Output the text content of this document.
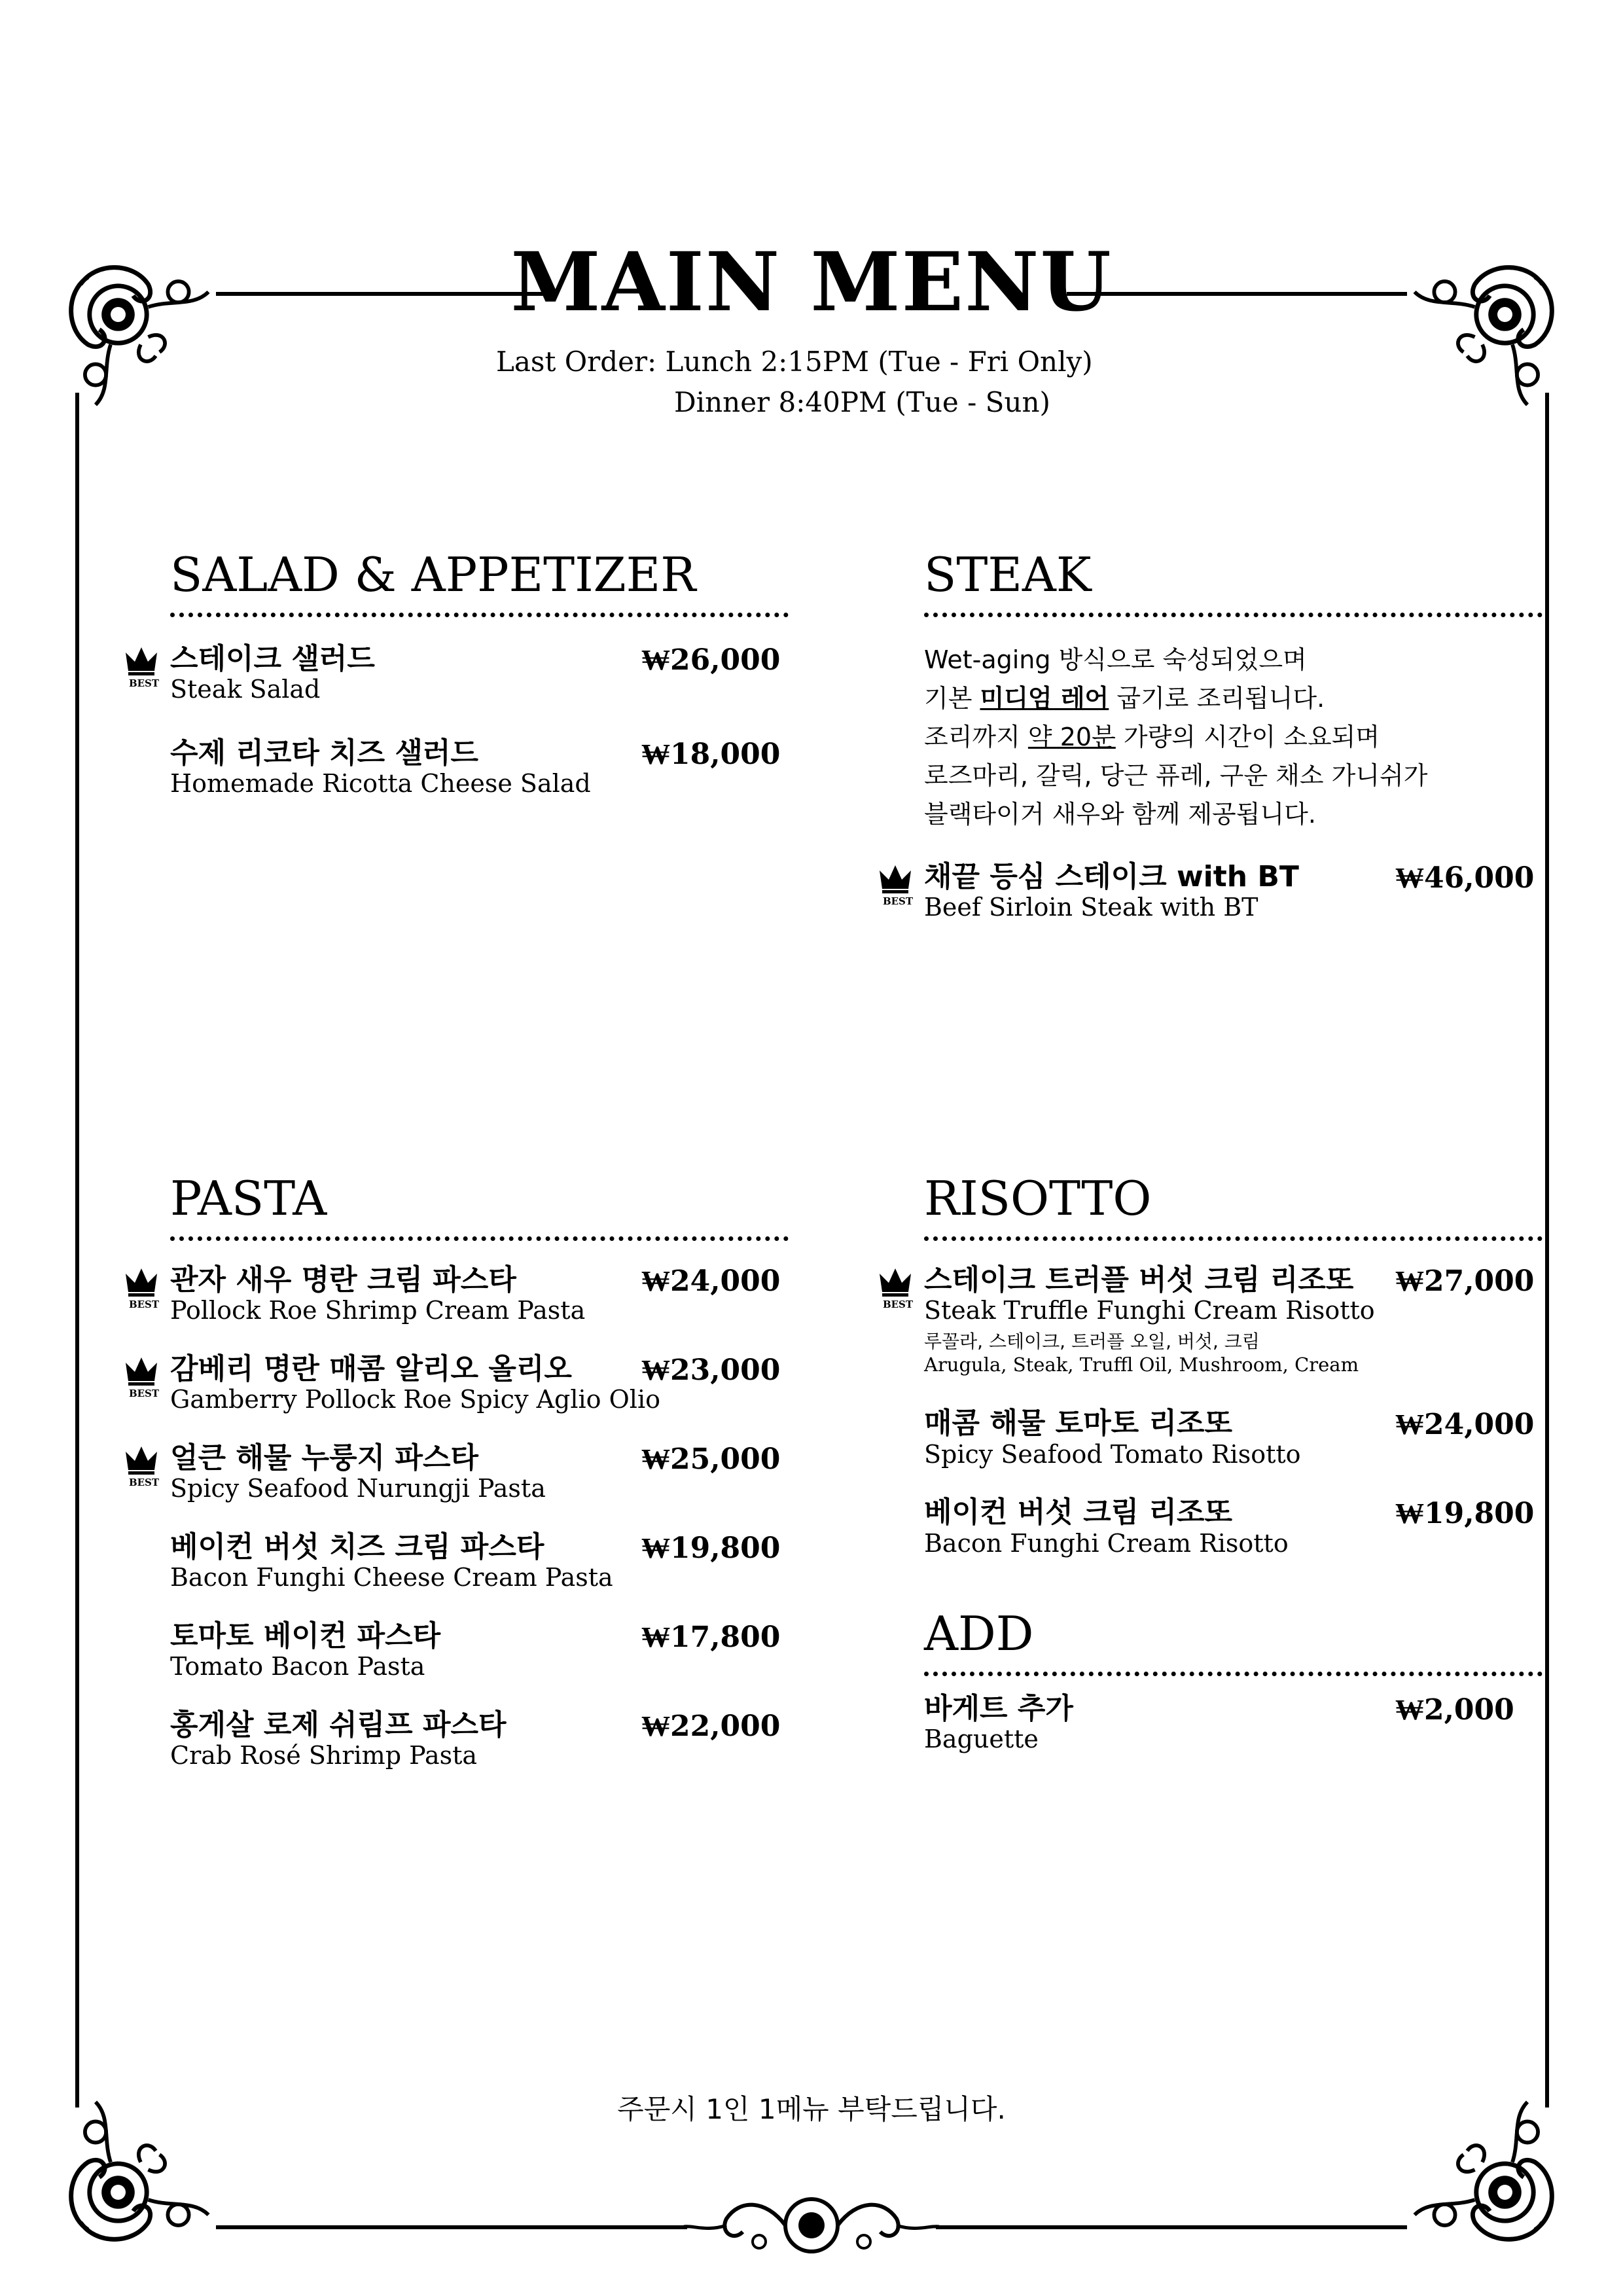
MAIN MENU
Last Order: Lunch 2:15PM (Tue - Fri Only)
Dinner 8:40PM (Tue - Sun)
SALAD & APPETIZER
BEST
스테이크 샐러드
Steak Salad
₩26,000
수제 리코타 치즈 샐러드
Homemade Ricotta Cheese Salad
₩18,000
STEAK
Wet-aging 방식으로 숙성되었으며
기본 미디엄 레어 굽기로 조리됩니다.
조리까지 약 20분 가량의 시간이 소요되며
로즈마리, 갈릭, 당근 퓨레, 구운 채소 가니쉬가
블랙타이거 새우와 함께 제공됩니다.
BEST
채끝 등심 스테이크 with BT
Beef Sirloin Steak with BT
₩46,000
PASTA
BEST
관자 새우 명란 크림 파스타
Pollock Roe Shrimp Cream Pasta
₩24,000
BEST
감베리 명란 매콤 알리오 올리오
Gamberry Pollock Roe Spicy Aglio Olio
₩23,000
BEST
얼큰 해물 누룽지 파스타
Spicy Seafood Nurungji Pasta
₩25,000
베이컨 버섯 치즈 크림 파스타
Bacon Funghi Cheese Cream Pasta
₩19,800
토마토 베이컨 파스타
Tomato Bacon Pasta
₩17,800
홍게살 로제 쉬림프 파스타
Crab Rosé Shrimp Pasta
₩22,000
RISOTTO
BEST
스테이크 트러플 버섯 크림 리조또
Steak Truffle Funghi Cream Risotto
루꼴라, 스테이크, 트러플 오일, 버섯, 크림
Arugula, Steak, Truffl Oil, Mushroom, Cream
₩27,000
매콤 해물 토마토 리조또
Spicy Seafood Tomato Risotto
₩24,000
베이컨 버섯 크림 리조또
Bacon Funghi Cream Risotto
₩19,800
ADD
바게트 추가
Baguette
₩2,000
주문시 1인 1메뉴 부탁드립니다.
